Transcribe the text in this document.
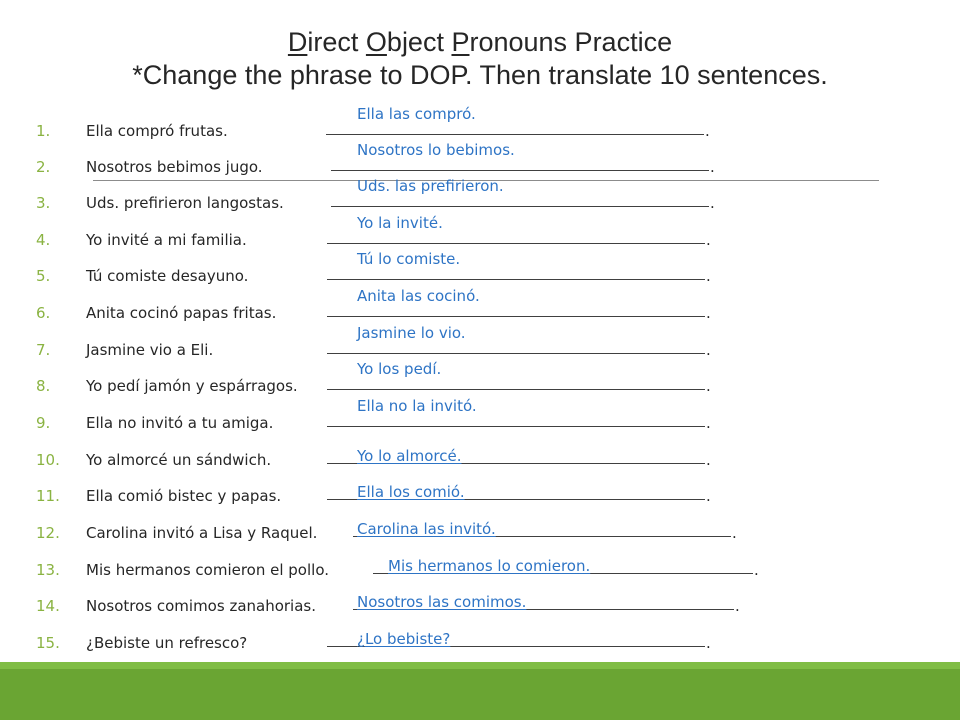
Direct Object Pronouns Practice
*Change the phrase to DOP. Then translate 10 sentences.
1.	Ella compró frutas.	.
Ella las compró.
2.	Nosotros bebimos jugo.	.
Nosotros lo bebimos.
3.	Uds. prefirieron langostas.	.
Uds. las prefirieron.
4.	Yo invité a mi familia.	.
Yo la invité.
5.	Tú comiste desayuno.	.
Tú lo comiste.
6.	Anita cocinó papas fritas.	.
Anita las cocinó.
7.	Jasmine vio a Eli.	.
Jasmine lo vio.
8.	Yo pedí jamón y espárragos.	.
Yo los pedí.
9.	Ella no invitó a tu amiga.	.
Ella no la invitó.
10.	Yo almorcé un sándwich.	.
Yo lo almorcé.
11.	Ella comió bistec y papas.	.
Ella los comió.
12.	Carolina invitó a Lisa y Raquel.	.
Carolina las invitó.
13.	Mis hermanos comieron el pollo.	.
Mis hermanos lo comieron.
14.	Nosotros comimos zanahorias.	.
Nosotros las comimos.
15.	¿Bebiste un refresco?	.
¿Lo bebiste?
